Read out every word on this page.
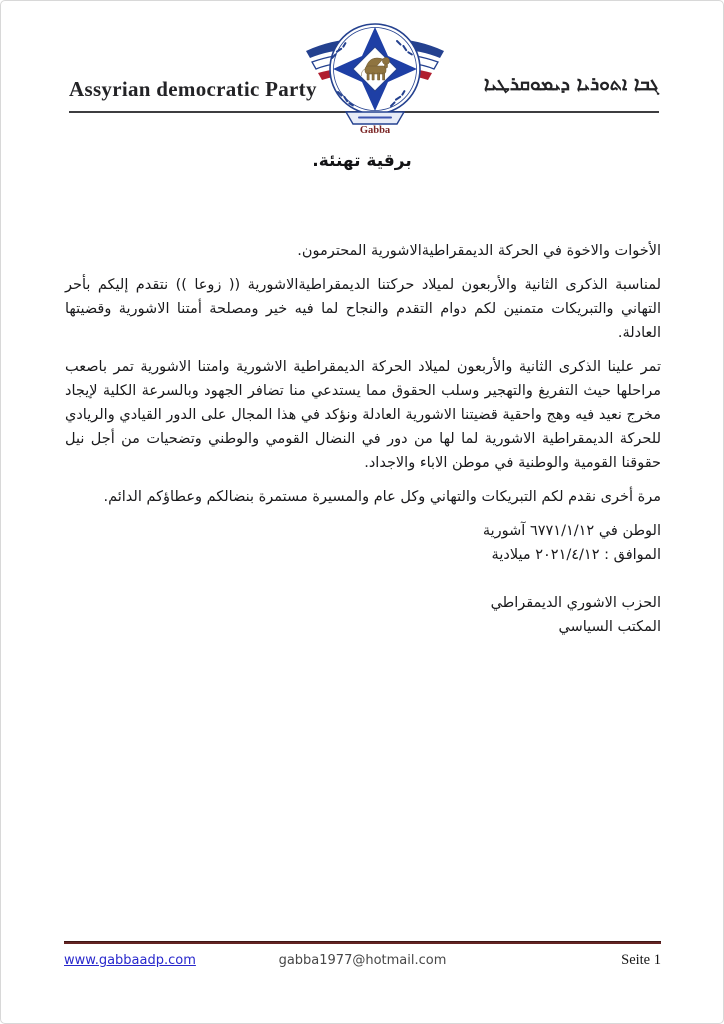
Assyrian democratic Party	ܓܒܐ ܐܬܘܪܝܐ ܕܝܡܘܩܪܛܝܐ
Gabba
برقية تهنئة.
الأخوات والاخوة في الحركة الديمقراطيةالاشورية المحترمون.
لمناسبة الذكرى الثانية والأربعون لميلاد حركتنا الديمقراطيةالاشورية (( زوعا )) نتقدم إليكم بأحر التهاني والتبريكات متمنين لكم دوام التقدم والنجاح لما فيه خير ومصلحة أمتنا الاشورية وقضيتها العادلة.
تمر علينا الذكرى الثانية والأربعون لميلاد الحركة الديمقراطية الاشورية وامتنا الاشورية تمر باصعب مراحلها حيث التفريغ والتهجير وسلب الحقوق مما يستدعي منا تضافر الجهود وبالسرعة الكلية لإيجاد مخرج نعيد فيه وهج واحقية قضيتنا الاشورية العادلة ونؤكد في هذا المجال على الدور القيادي والريادي للحركة الديمقراطية الاشورية لما لها من دور في النضال القومي والوطني وتضحيات من أجل نيل حقوقنا القومية والوطنية في موطن الاباء والاجداد.
مرة أخرى نقدم لكم التبريكات والتهاني وكل عام والمسيرة مستمرة بنضالكم وعطاؤكم الدائم.
الوطن في ٦٧٧١/١/١٢ آشورية
الموافق : ٢٠٢١/٤/١٢ ميلادية
الحزب الاشوري الديمقراطي
المكتب السياسي
www.gabbaadp.com	gabba1977@hotmail.com	Seite 1
